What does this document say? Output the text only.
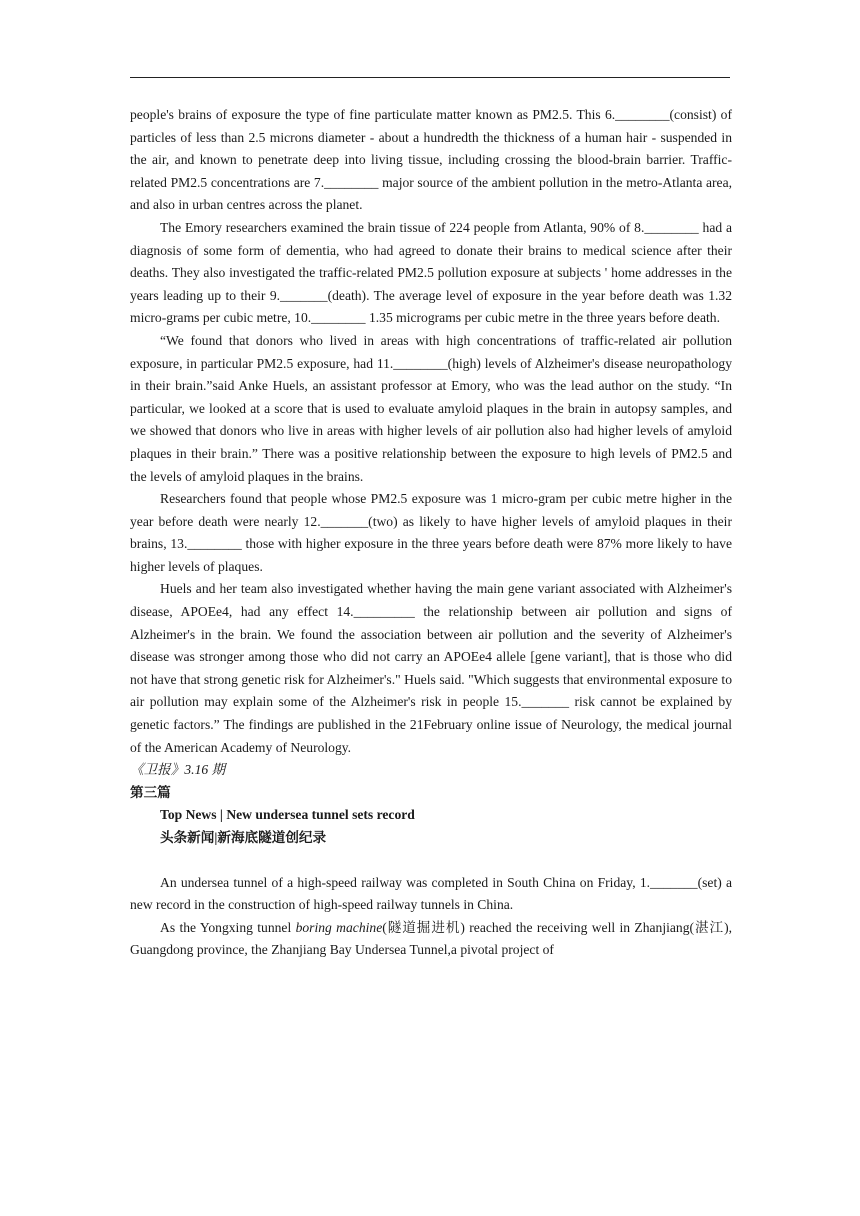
people's brains of exposure the type of fine particulate matter known as PM2.5. This 6.________(consist) of particles of less than 2.5 microns diameter - about a hundredth the thickness of a human hair - suspended in the air, and known to penetrate deep into living tissue, including crossing the blood-brain barrier. Traffic-related PM2.5 concentrations are 7.________ major source of the ambient pollution in the metro-Atlanta area, and also in urban centres across the planet.

The Emory researchers examined the brain tissue of 224 people from Atlanta, 90% of 8.________ had a diagnosis of some form of dementia, who had agreed to donate their brains to medical science after their deaths. They also investigated the traffic-related PM2.5 pollution exposure at subjects ' home addresses in the years leading up to their 9._______(death). The average level of exposure in the year before death was 1.32 micro-grams per cubic metre, 10.________ 1.35 micrograms per cubic metre in the three years before death.

“We found that donors who lived in areas with high concentrations of traffic-related air pollution exposure, in particular PM2.5 exposure, had 11.________(high) levels of Alzheimer's disease neuropathology in their brain.”said Anke Huels, an assistant professor at Emory, who was the lead author on the study. “In particular, we looked at a score that is used to evaluate amyloid plaques in the brain in autopsy samples, and we showed that donors who live in areas with higher levels of air pollution also had higher levels of amyloid plaques in their brain.” There was a positive relationship between the exposure to high levels of PM2.5 and the levels of amyloid plaques in the brains.

Researchers found that people whose PM2.5 exposure was 1 micro-gram per cubic metre higher in the year before death were nearly 12._______(two) as likely to have higher levels of amyloid plaques in their brains, 13.________ those with higher exposure in the three years before death were 87% more likely to have higher levels of plaques.

Huels and her team also investigated whether having the main gene variant associated with Alzheimer's disease, APOEe4, had any effect 14._________ the relationship between air pollution and signs of Alzheimer's in the brain. We found the association between air pollution and the severity of Alzheimer's disease was stronger among those who did not carry an APOEe4 allele [gene variant], that is those who did not have that strong genetic risk for Alzheimer's." Huels said. "Which suggests that environmental exposure to air pollution may explain some of the Alzheimer's risk in people 15._______ risk cannot be explained by genetic factors.” The findings are published in the 21February online issue of Neurology, the medical journal of the American Academy of Neurology.

《卫报》3.16 期

第三篇

Top News | New undersea tunnel sets record

头条新闻|新海底隧道创纪录

An undersea tunnel of a high-speed railway was completed in South China on Friday, 1._______(set) a new record in the construction of high-speed railway tunnels in China.

As the Yongxing tunnel boring machine(隧道掘进机) reached the receiving well in Zhanjiang(湛江), Guangdong province, the Zhanjiang Bay Undersea Tunnel,a pivotal project of
